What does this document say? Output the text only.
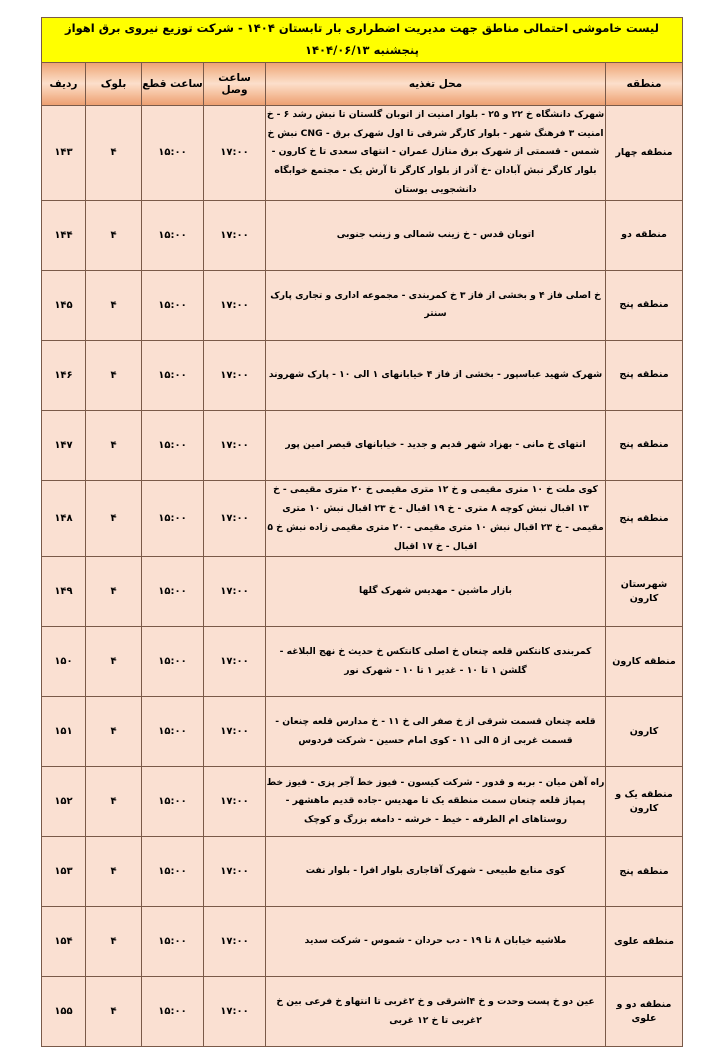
لیست خاموشی احتمالی مناطق جهت مدیریت اضطراری بار تابستان ۱۴۰۴ - شرکت توزیع نیروی برق اهواز
پنجشنبه ۱۴۰۴/۰۶/۱۳					

منطقه	محل تغذیه	ساعت وصل	ساعت قطع	بلوک	ردیف
منطقه چهار	شهرک دانشگاه خ ۲۲ و ۲۵ - بلوار امنیت از اتوبان گلستان تا نبش رشد ۶ - خ امنیت ۳ فرهنگ شهر - بلوار کارگر شرقی تا اول شهرک برق - CNG نبش خ شمس - قسمتی از شهرک برق منازل عمران - انتهای سعدی تا خ کارون - بلوار کارگر نبش آبادان -خ آذر از بلوار کارگر تا آرش یک - مجتمع خوابگاه دانشجویی بوستان	۱۷:۰۰	۱۵:۰۰	۴	۱۴۳
منطقه دو	اتوبان قدس - خ زینب شمالی و زینب جنوبی	۱۷:۰۰	۱۵:۰۰	۴	۱۴۴
منطقه پنج	خ اصلی فاز ۴ و بخشی از فاز ۳ خ کمربندی - مجموعه اداری و تجاری پارک سنتر	۱۷:۰۰	۱۵:۰۰	۴	۱۴۵
منطقه پنج	شهرک شهید عباسپور - بخشی از فاز ۴ خیابانهای ۱ الی ۱۰ - پارک شهروند	۱۷:۰۰	۱۵:۰۰	۴	۱۴۶
منطقه پنج	انتهای خ مانی - بهزاد شهر قدیم و جدید - خیابانهای قیصر امین پور	۱۷:۰۰	۱۵:۰۰	۴	۱۴۷
منطقه پنج	کوی ملت خ ۱۰ متری مقیمی و خ ۱۲ متری مقیمی خ ۲۰ متری مقیمی - خ ۱۳ اقبال نبش کوچه ۸ متری - خ ۱۹ اقبال - خ ۲۳ اقبال نبش ۱۰ متری مقیمی - خ ۲۳ اقبال نبش ۱۰ متری مقیمی - ۲۰ متری مقیمی زاده نبش خ ۵ اقبال - خ ۱۷ اقبال	۱۷:۰۰	۱۵:۰۰	۴	۱۴۸
شهرستان کارون	بازار ماشین - مهدیس شهرک گلها	۱۷:۰۰	۱۵:۰۰	۴	۱۴۹
منطقه کارون	کمربندی کانتکس قلعه چنعان خ اصلی کانتکس خ حدیث خ نهج البلاغه - گلشن ۱ تا ۱۰ - غدیر ۱ تا ۱۰ - شهرک نور	۱۷:۰۰	۱۵:۰۰	۴	۱۵۰
کارون	قلعه چنعان قسمت شرقی از خ صفر الی خ ۱۱ - خ مدارس قلعه چنعان - قسمت غربی از ۵ الی ۱۱ - کوی امام حسین - شرکت فردوس	۱۷:۰۰	۱۵:۰۰	۴	۱۵۱
منطقه یک و کارون	راه آهن میان - بربه و قدور - شرکت کیسون - فیوز خط آجر پزی - فیوز خط پمپاژ قلعه چنعان سمت منطقه یک تا مهدیس -جاده قدیم ماهشهر - روستاهای ام الطرفه - خیط - خرشه - دامغه بزرگ و کوچک	۱۷:۰۰	۱۵:۰۰	۴	۱۵۲
منطقه پنج	کوی منابع طبیعی - شهرک آقاجاری بلوار افرا - بلوار نفت	۱۷:۰۰	۱۵:۰۰	۴	۱۵۳
منطقه علوی	ملاشیه خیابان ۸ تا ۱۹ - دب حردان - شموس - شرکت سدید	۱۷:۰۰	۱۵:۰۰	۴	۱۵۴
منطقه دو و علوی	عین دو خ پست وحدت و خ ۴اشرقی و خ ۲غربی تا انتهاو خ فرعی بین خ ۲غربی تا خ ۱۲ غربی	۱۷:۰۰	۱۵:۰۰	۴	۱۵۵
